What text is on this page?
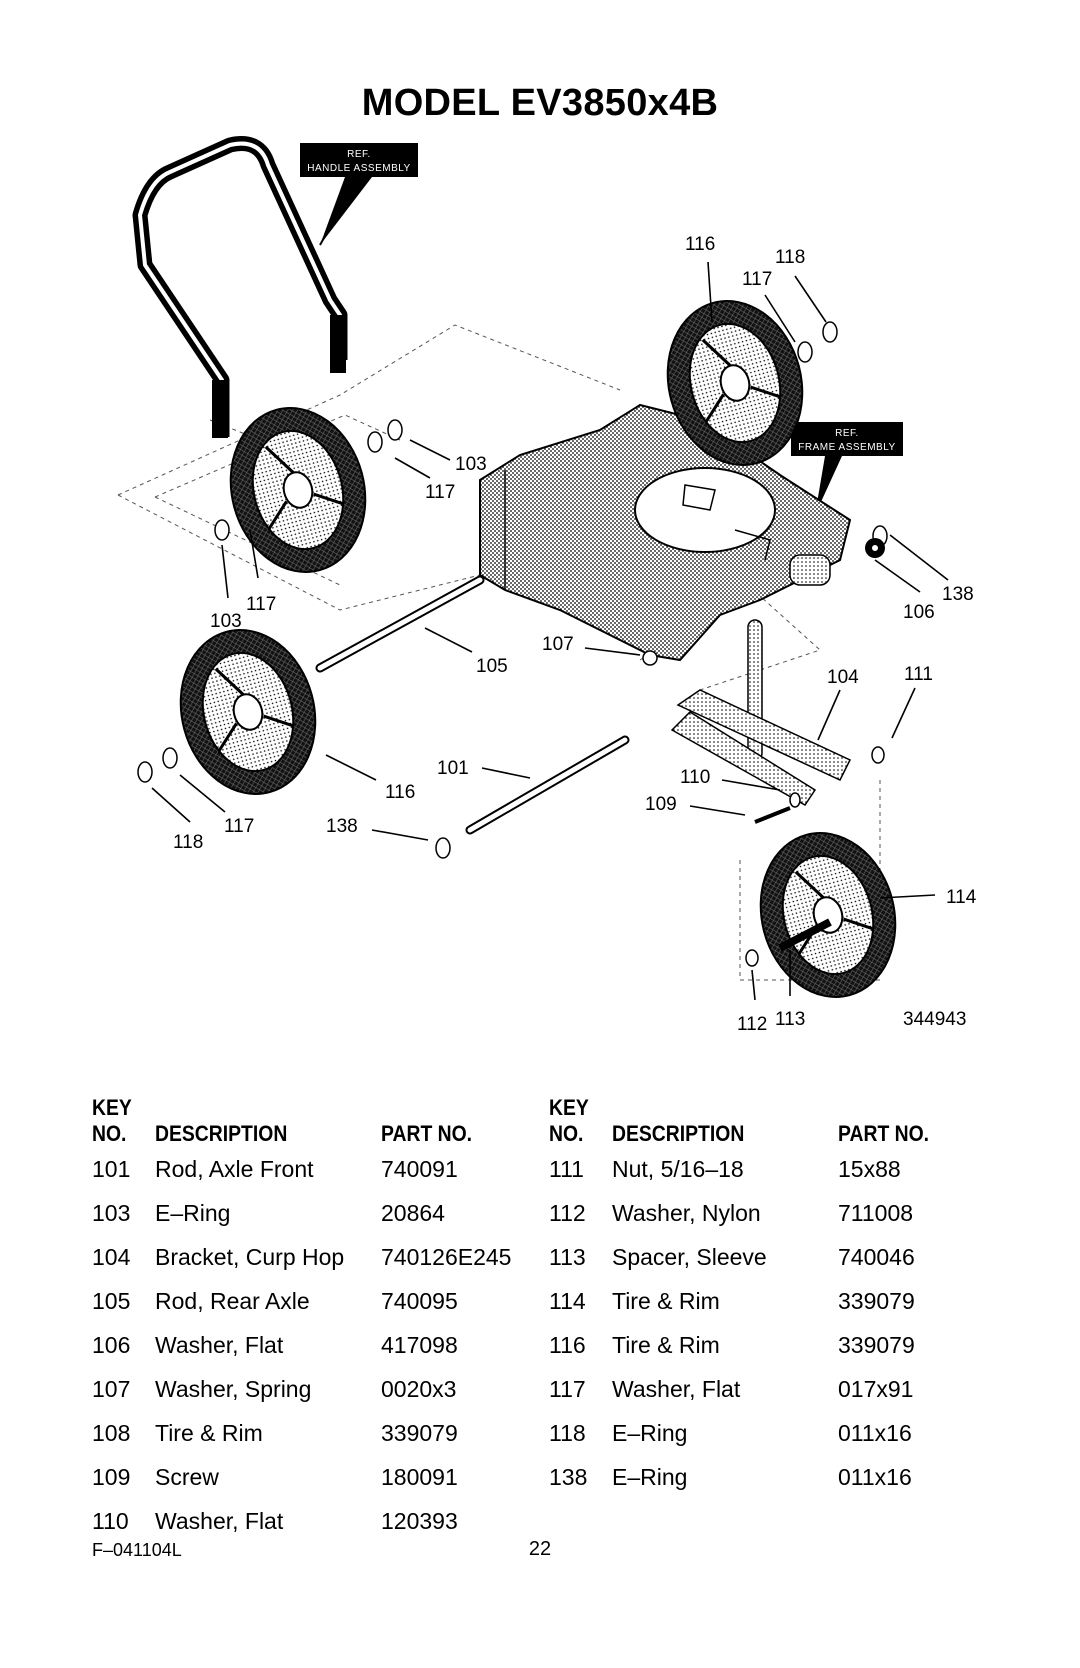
MODEL EV3850x4B
REF.
HANDLE ASSEMBLY
REF.
FRAME ASSEMBLY
116
118
117
103
117
103
117
105
107
104 111
106
138
101
116
110
109
118
117	138
114
112 113	344943
KEY
NO.	DESCRIPTION	PART NO.
101	Rod, Axle Front	740091
103	E–Ring	20864
104	Bracket, Curp Hop	740126E245
105	Rod, Rear Axle	740095
106	Washer, Flat	417098
107	Washer, Spring	0020x3
108	Tire & Rim	339079
109	Screw	180091
110	Washer, Flat	120393
KEY
NO.	DESCRIPTION	PART NO.
111	Nut, 5/16–18	15x88
112	Washer, Nylon	711008
113	Spacer, Sleeve	740046
114	Tire & Rim	339079
116	Tire & Rim	339079
117	Washer, Flat	017x91
118	E–Ring	011x16
138	E–Ring	011x16
F–041104L	22
